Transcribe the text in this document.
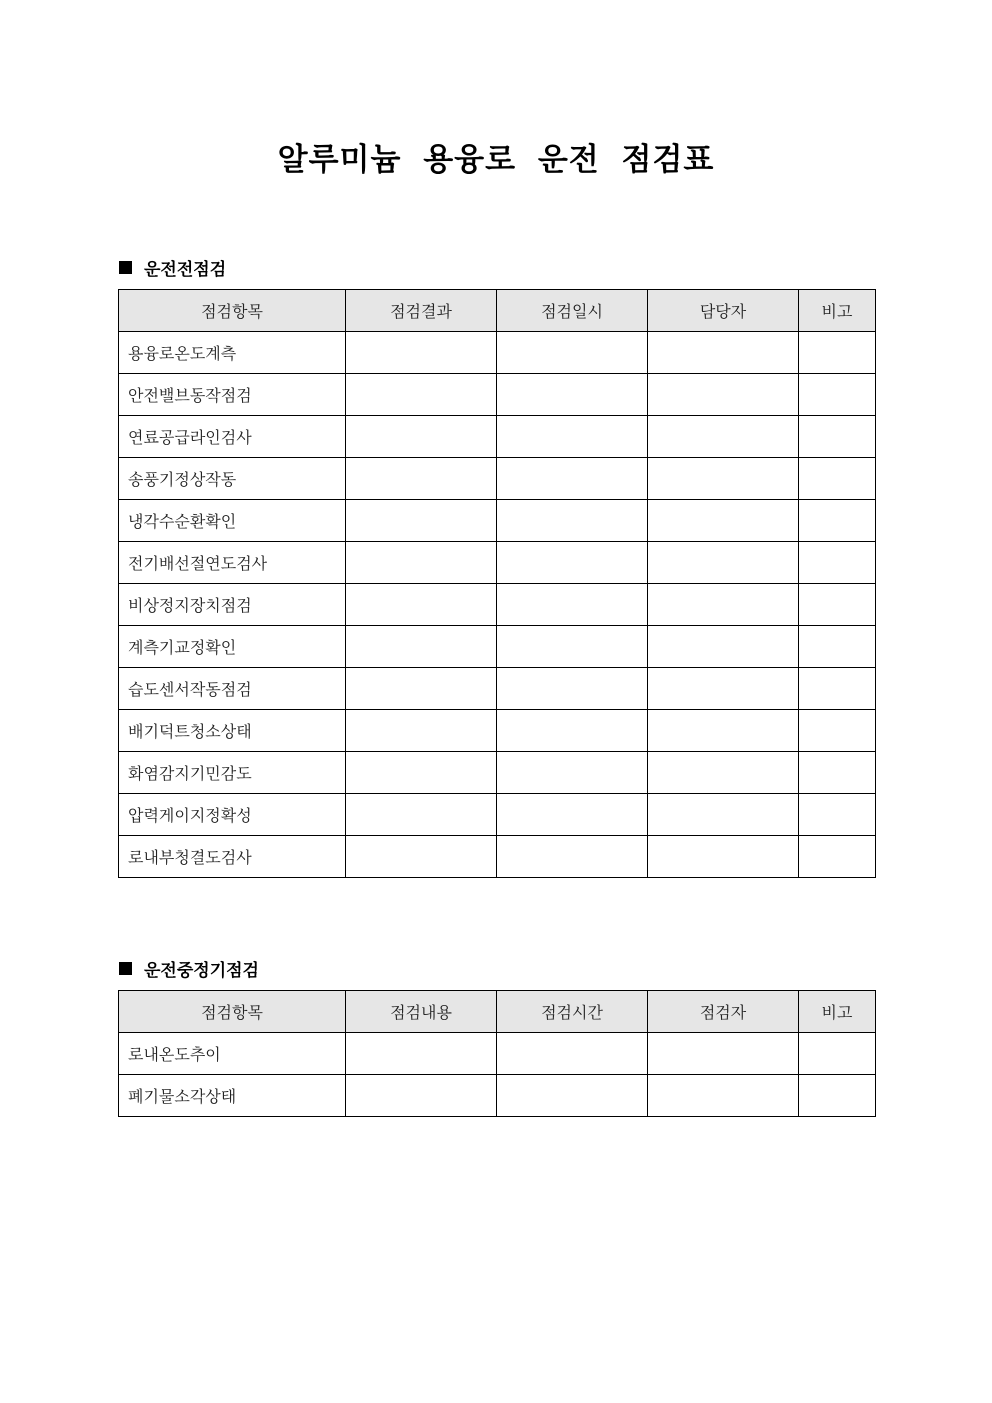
알루미늄 용융로 운전 점검표
운전전점검
점검항목	점검결과	점검일시	담당자	비고
용융로온도계측				
안전밸브동작점검				
연료공급라인검사				
송풍기정상작동				
냉각수순환확인				
전기배선절연도검사				
비상정지장치점검				
계측기교정확인				
습도센서작동점검				
배기덕트청소상태				
화염감지기민감도				
압력게이지정확성				
로내부청결도검사				
운전중정기점검
점검항목	점검내용	점검시간	점검자	비고
로내온도추이				
폐기물소각상태				
